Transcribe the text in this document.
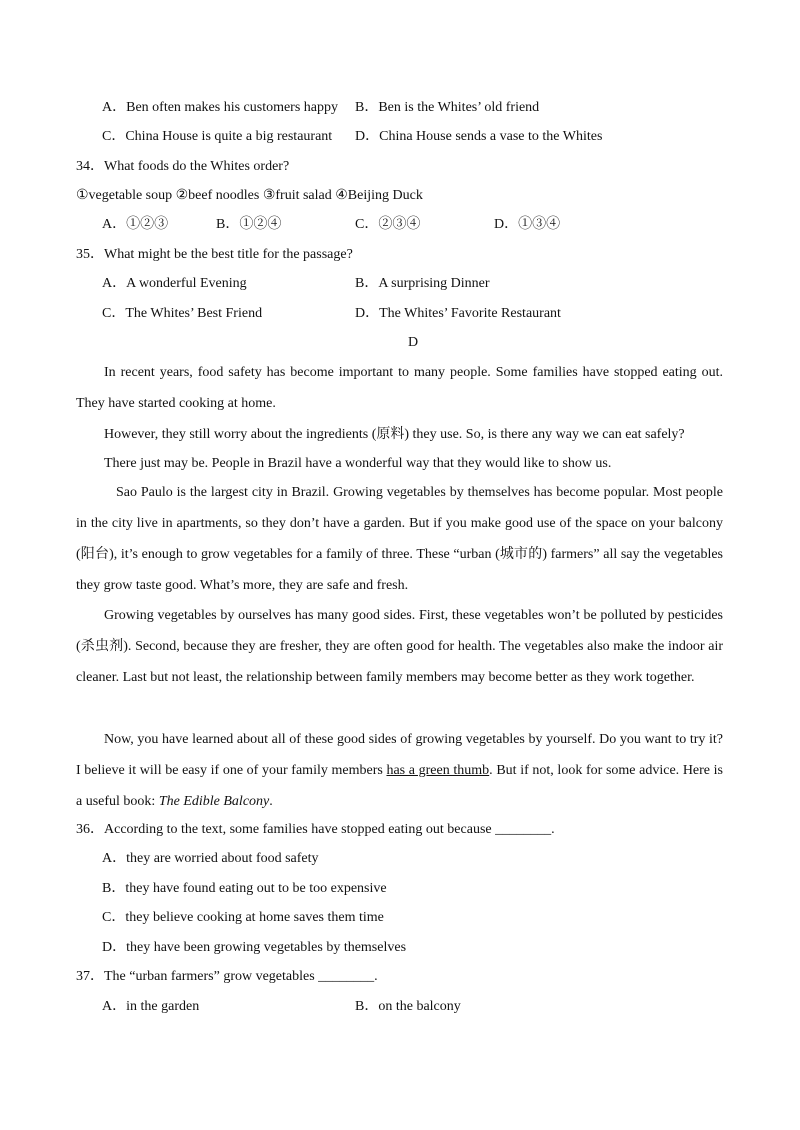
A．Ben often makes his customers happy B．Ben is the Whites’ old friend
C．China House is quite a big restaurant D．China House sends a vase to the Whites
34．What foods do the Whites order?
①vegetable soup ②beef noodles ③fruit salad ④Beijing Duck
A．①②③	B．①②④	C．②③④	D．①③④
35．What might be the best title for the passage?
A．A wonderful Evening	B．A surprising Dinner
C．The Whites’ Best Friend	D．The Whites’ Favorite Restaurant
D
In recent years, food safety has become important to many people. Some families have stopped eating out. They have started cooking at home.
However, they still worry about the ingredients (原料) they use. So, is there any way we can eat safely?
There just may be. People in Brazil have a wonderful way that they would like to show us.
Sao Paulo is the largest city in Brazil. Growing vegetables by themselves has become popular. Most people in the city live in apartments, so they don’t have a garden. But if you make good use of the space on your balcony (阳台), it’s enough to grow vegetables for a family of three. These “urban (城市的) farmers” all say the vegetables they grow taste good. What’s more, they are safe and fresh.
Growing vegetables by ourselves has many good sides. First, these vegetables won’t be polluted by pesticides (杀虫剂). Second, because they are fresher, they are often good for health. The vegetables also make the indoor air cleaner. Last but not least, the relationship between family members may become better as they work together.
Now, you have learned about all of these good sides of growing vegetables by yourself. Do you want to try it? I believe it will be easy if one of your family members has a green thumb. But if not, look for some advice. Here is a useful book: The Edible Balcony.
36．According to the text, some families have stopped eating out because ________.
A．they are worried about food safety
B．they have found eating out to be too expensive
C．they believe cooking at home saves them time
D．they have been growing vegetables by themselves
37．The “urban farmers” grow vegetables ________.
A．in the garden	B．on the balcony
